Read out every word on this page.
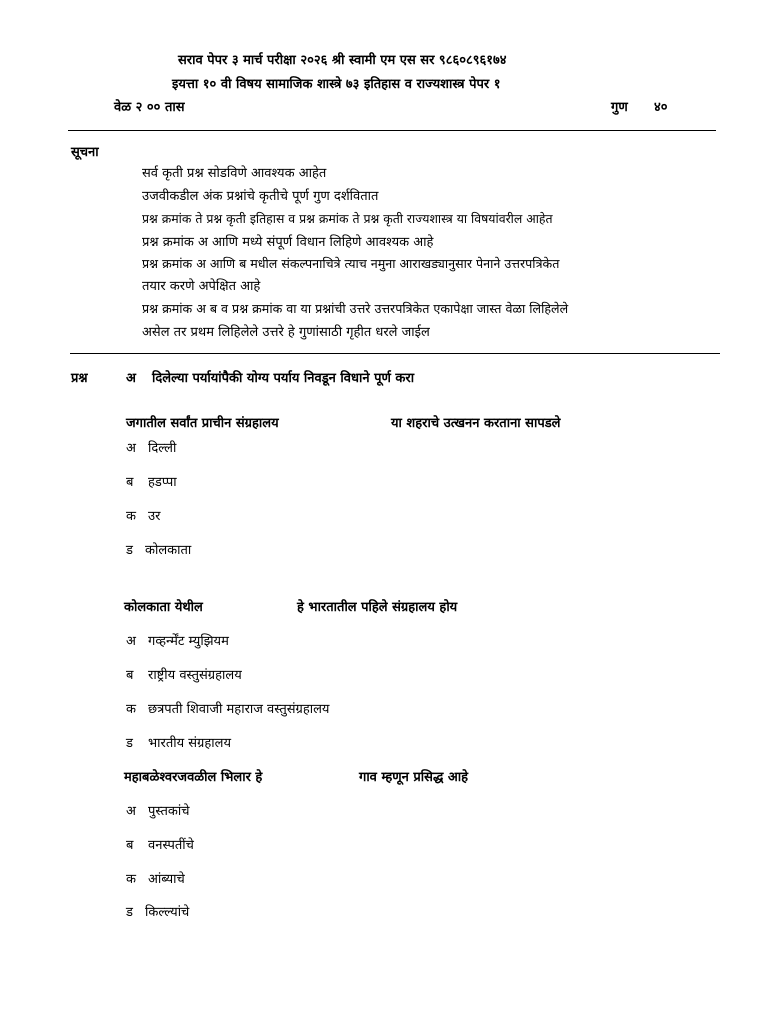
सराव पेपर ३ मार्च परीक्षा २०२६ श्री स्वामी एम एस सर ९८६०८९६१७४
इयत्ता १० वी विषय सामाजिक शास्त्रे ७३ इतिहास व राज्यशास्त्र पेपर १
वेळ २ ०० तास	गुण ४०
सूचना
सर्व कृती प्रश्न सोडविणे आवश्यक आहेत
उजवीकडील अंक प्रश्नांचे कृतीचे पूर्ण गुण दर्शवितात
प्रश्न क्रमांक ते प्रश्न कृती इतिहास व प्रश्न क्रमांक ते प्रश्न कृती राज्यशास्त्र या विषयांवरील आहेत
प्रश्न क्रमांक अ आणि मध्ये संपूर्ण विधान लिहिणे आवश्यक आहे
प्रश्न क्रमांक अ आणि ब मधील संकल्पनाचित्रे त्याच नमुना आराखड्यानुसार पेनाने उत्तरपत्रिकेत
तयार करणे अपेक्षित आहे
प्रश्न क्रमांक अ ब व प्रश्न क्रमांक वा या प्रश्नांची उत्तरे उत्तरपत्रिकेत एकापेक्षा जास्त वेळा लिहिलेले
असेल तर प्रथम लिहिलेले उत्तरे हे गुणांसाठी गृहीत धरले जाईल
प्रश्न	अ दिलेल्या पर्यायांपैकी योग्य पर्याय निवडून विधाने पूर्ण करा
जगातील सर्वांत प्राचीन संग्रहालय	या शहराचे उत्खनन करताना सापडले
अ दिल्ली
ब हडप्पा
क उर
ड कोलकाता
कोलकाता येथील	हे भारतातील पहिले संग्रहालय होय
अ गव्हर्न्मेंट म्युझियम
ब राष्ट्रीय वस्तुसंग्रहालय
क छत्रपती शिवाजी महाराज वस्तुसंग्रहालय
ड भारतीय संग्रहालय
महाबळेश्वरजवळील भिलार हे	गाव म्हणून प्रसिद्ध आहे
अ पुस्तकांचे
ब वनस्पतींचे
क आंब्याचे
ड किल्ल्यांचे
